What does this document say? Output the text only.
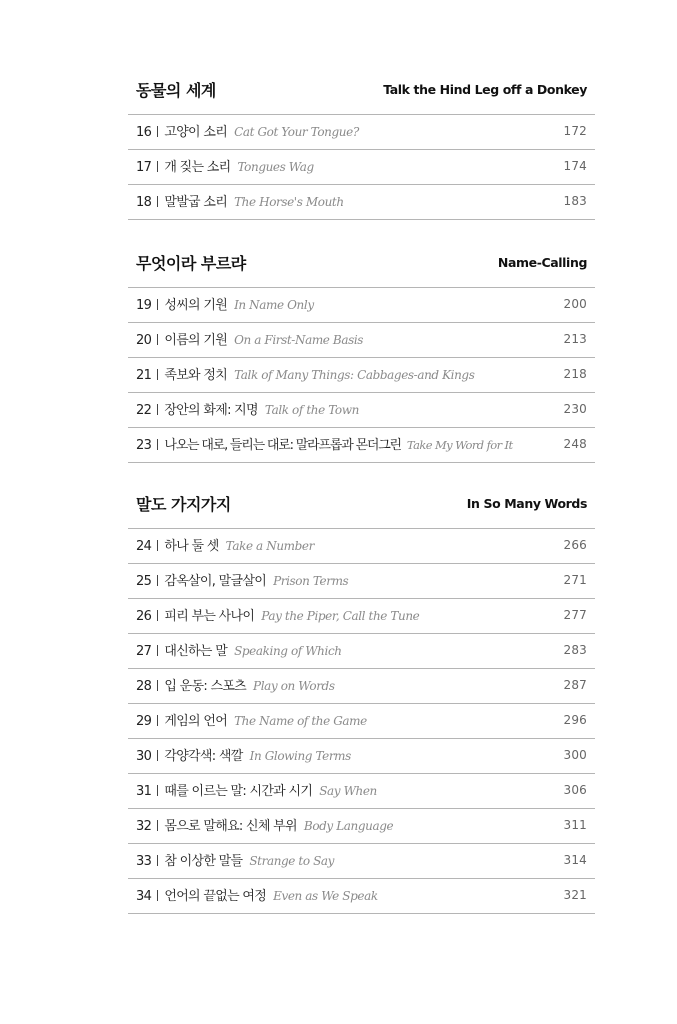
동물의 세계	Talk the Hind Leg off a Donkey
16 고양이 소리 Cat Got Your Tongue?	172
17 개 짖는 소리 Tongues Wag	174
18 말발굽 소리 The Horse's Mouth	183
무엇이라 부르랴	Name-Calling
19 성씨의 기원 In Name Only	200
20 이름의 기원 On a First-Name Basis	213
21 족보와 정치 Talk of Many Things: Cabbages-and Kings	218
22 장안의 화제: 지명 Talk of the Town	230
23 나오는 대로, 들리는 대로: 말라프롭과 몬더그린 Take My Word for It	248
말도 가지가지	In So Many Words
24 하나 둘 셋 Take a Number	266
25 감옥살이, 말글살이 Prison Terms	271
26 피리 부는 사나이 Pay the Piper, Call the Tune	277
27 대신하는 말 Speaking of Which	283
28 입 운동: 스포츠 Play on Words	287
29 게임의 언어 The Name of the Game	296
30 각양각색: 색깔 In Glowing Terms	300
31 때를 이르는 말: 시간과 시기 Say When	306
32 몸으로 말해요: 신체 부위 Body Language	311
33 참 이상한 말들 Strange to Say	314
34 언어의 끝없는 여정 Even as We Speak	321
